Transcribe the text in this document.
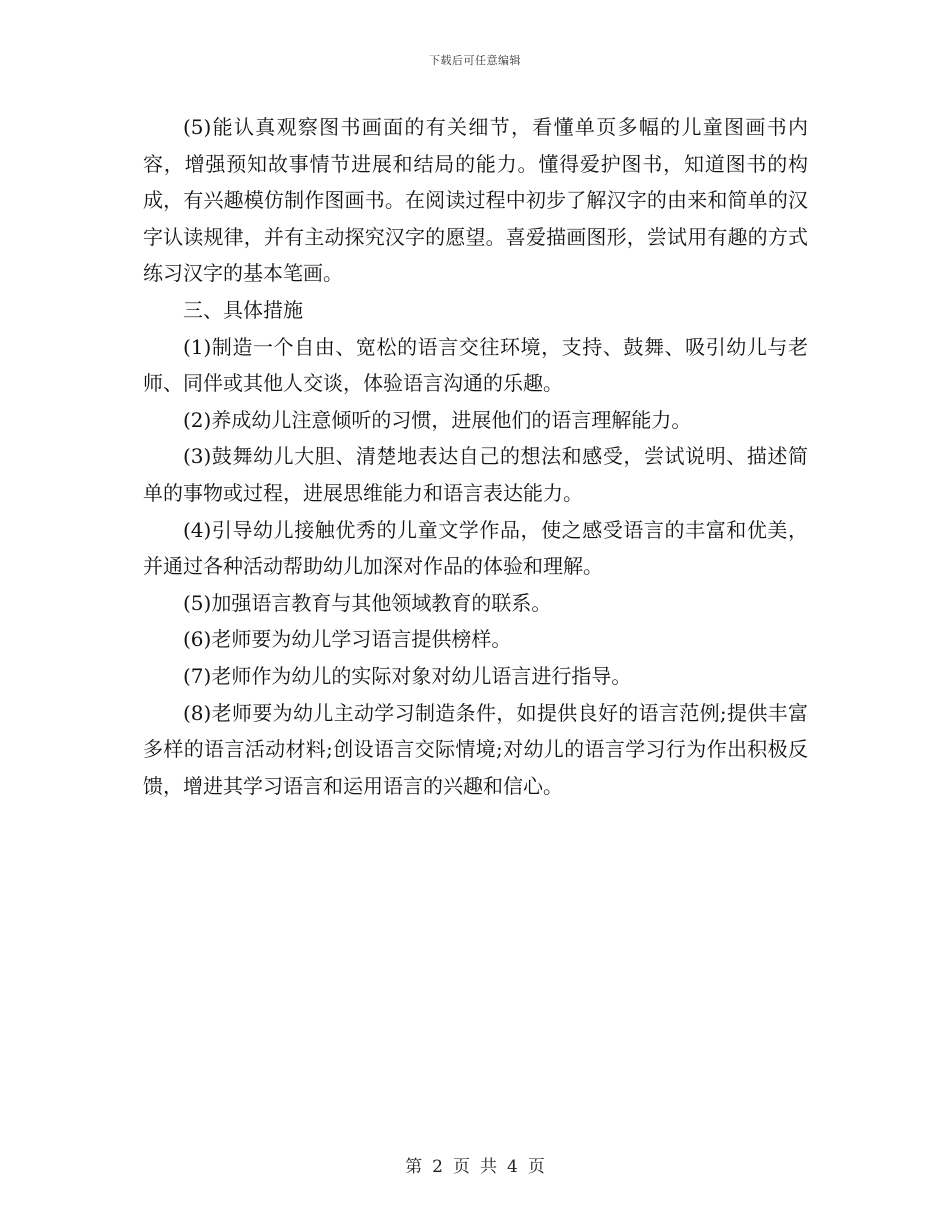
下载后可任意编辑

(5)能认真观察图书画面的有关细节，看懂单页多幅的儿童图画书内容，增强预知故事情节进展和结局的能力。懂得爱护图书，知道图书的构成，有兴趣模仿制作图画书。在阅读过程中初步了解汉字的由来和简单的汉字认读规律，并有主动探究汉字的愿望。喜爱描画图形，尝试用有趣的方式练习汉字的基本笔画。

三、具体措施

(1)制造一个自由、宽松的语言交往环境，支持、鼓舞、吸引幼儿与老师、同伴或其他人交谈，体验语言沟通的乐趣。

(2)养成幼儿注意倾听的习惯，进展他们的语言理解能力。

(3)鼓舞幼儿大胆、清楚地表达自己的想法和感受，尝试说明、描述简单的事物或过程，进展思维能力和语言表达能力。

(4)引导幼儿接触优秀的儿童文学作品，使之感受语言的丰富和优美，并通过各种活动帮助幼儿加深对作品的体验和理解。

(5)加强语言教育与其他领域教育的联系。

(6)老师要为幼儿学习语言提供榜样。

(7)老师作为幼儿的实际对象对幼儿语言进行指导。

(8)老师要为幼儿主动学习制造条件，如提供良好的语言范例;提供丰富多样的语言活动材料;创设语言交际情境;对幼儿的语言学习行为作出积极反馈，增进其学习语言和运用语言的兴趣和信心。

第 2 页 共 4 页
